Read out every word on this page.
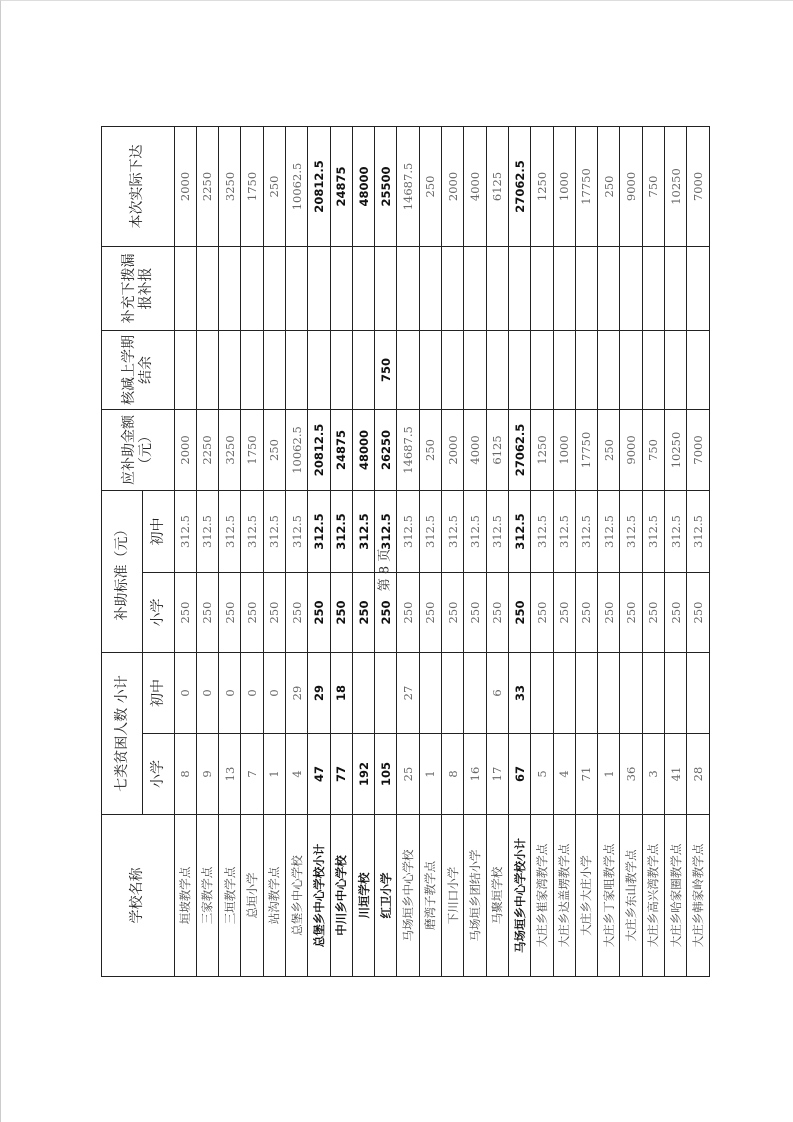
学校名称	七类贫困人数 小计		补助标准（元）		应补助金额（元）	核减上学期结余	补充下拨漏报补报	本次实际下达
	小学	初中	小学	初中				
垣坡教学点	8	0	250	312.5	2000			2000
三家教学点	9	0	250	312.5	2250			2250
三垣教学点	13	0	250	312.5	3250			3250
总垣小学	7	0	250	312.5	1750			1750
站沟教学点	1	0	250	312.5	250			250
总堡乡中心学校	4	29	250	312.5	10062.5			10062.5
总堡乡中心学校小计	47	29	250	312.5	20812.5			20812.5
中川乡中心学校	77	18	250	312.5	24875			24875
川垣学校	192		250	312.5	48000			48000
红卫小学	105		250	312.5	26250	750		25500
马场垣乡中心学校	25	27	250	312.5	14687.5			14687.5
磨湾子教学点	1		250	312.5	250			250
下川口小学	8		250	312.5	2000			2000
马场垣乡团结小学	16		250	312.5	4000			4000
马聚垣学校	17	6	250	312.5	6125			6125
马场垣乡中心学校小计	67	33	250	312.5	27062.5			27062.5
大庄乡崔家湾教学点	5		250	312.5	1250			1250
大庄乡达盖塄教学点	4		250	312.5	1000			1000
大庄乡大庄小学	71		250	312.5	17750			17750
大庄乡丁家咀教学点	1		250	312.5	250			250
大庄乡东山教学点	36		250	312.5	9000			9000
大庄乡高兴湾教学点	3		250	312.5	750			750
大庄乡哈家圈教学点	41		250	312.5	10250			10250
大庄乡韩家岭教学点	28		250	312.5	7000			7000
第 8 页
